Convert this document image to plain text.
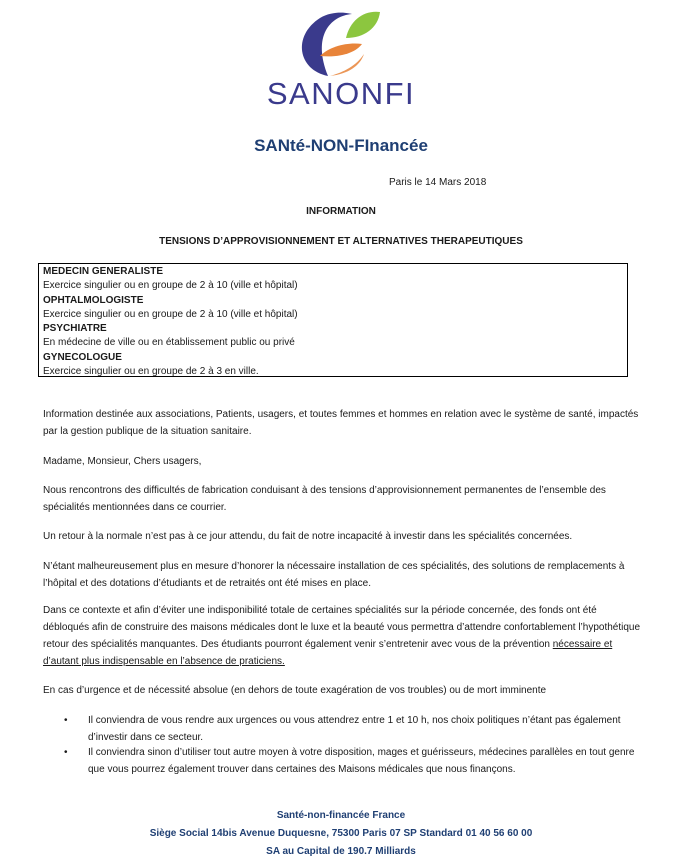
SANONFI
SANté-NON-FInancée
Paris le 14 Mars 2018
INFORMATION
TENSIONS D’APPROVISIONNEMENT ET ALTERNATIVES THERAPEUTIQUES
MEDECIN GENERALISTE
Exercice singulier ou en groupe de 2 à 10 (ville et hôpital)
OPHTALMOLOGISTE
Exercice singulier ou en groupe de 2 à 10 (ville et hôpital)
PSYCHIATRE
En médecine de ville ou en établissement public ou privé
GYNECOLOGUE
Exercice singulier ou en groupe de 2 à 3 en ville.
Information destinée aux associations, Patients, usagers, et toutes femmes et hommes en relation avec le système de santé, impactés par la gestion publique de la situation sanitaire.
Madame, Monsieur, Chers usagers,
Nous rencontrons des difficultés de fabrication conduisant à des tensions d’approvisionnement permanentes de l’ensemble des spécialités mentionnées dans ce courrier.
Un retour à la normale n’est pas à ce jour attendu, du fait de notre incapacité à investir dans les spécialités concernées.
N’étant malheureusement plus en mesure d’honorer la nécessaire installation de ces spécialités, des solutions de remplacements à l’hôpital et des dotations d’étudiants et de retraités ont été mises en place.
Dans ce contexte et afin d’éviter une indisponibilité totale de certaines spécialités sur la période concernée, des fonds ont été débloqués afin de construire des maisons médicales dont le luxe et la beauté vous permettra d’attendre confortablement l’hypothétique retour des spécialités manquantes. Des étudiants pourront également venir s’entretenir avec vous de la prévention nécessaire et d’autant plus indispensable en l’absence de praticiens.
En cas d’urgence et de nécessité absolue (en dehors de toute exagération de vos troubles) ou de mort imminente
• Il conviendra de vous rendre aux urgences ou vous attendrez entre 1 et 10 h, nos choix politiques n’étant pas également d’investir dans ce secteur.
• Il conviendra sinon d’utiliser tout autre moyen à votre disposition, mages et guérisseurs, médecines parallèles en tout genre que vous pourrez également trouver dans certaines des Maisons médicales que nous finançons.
Santé-non-financée France
Siège Social 14bis Avenue Duquesne, 75300 Paris 07 SP Standard 01 40 56 60 00
SA au Capital de 190.7 Milliards
